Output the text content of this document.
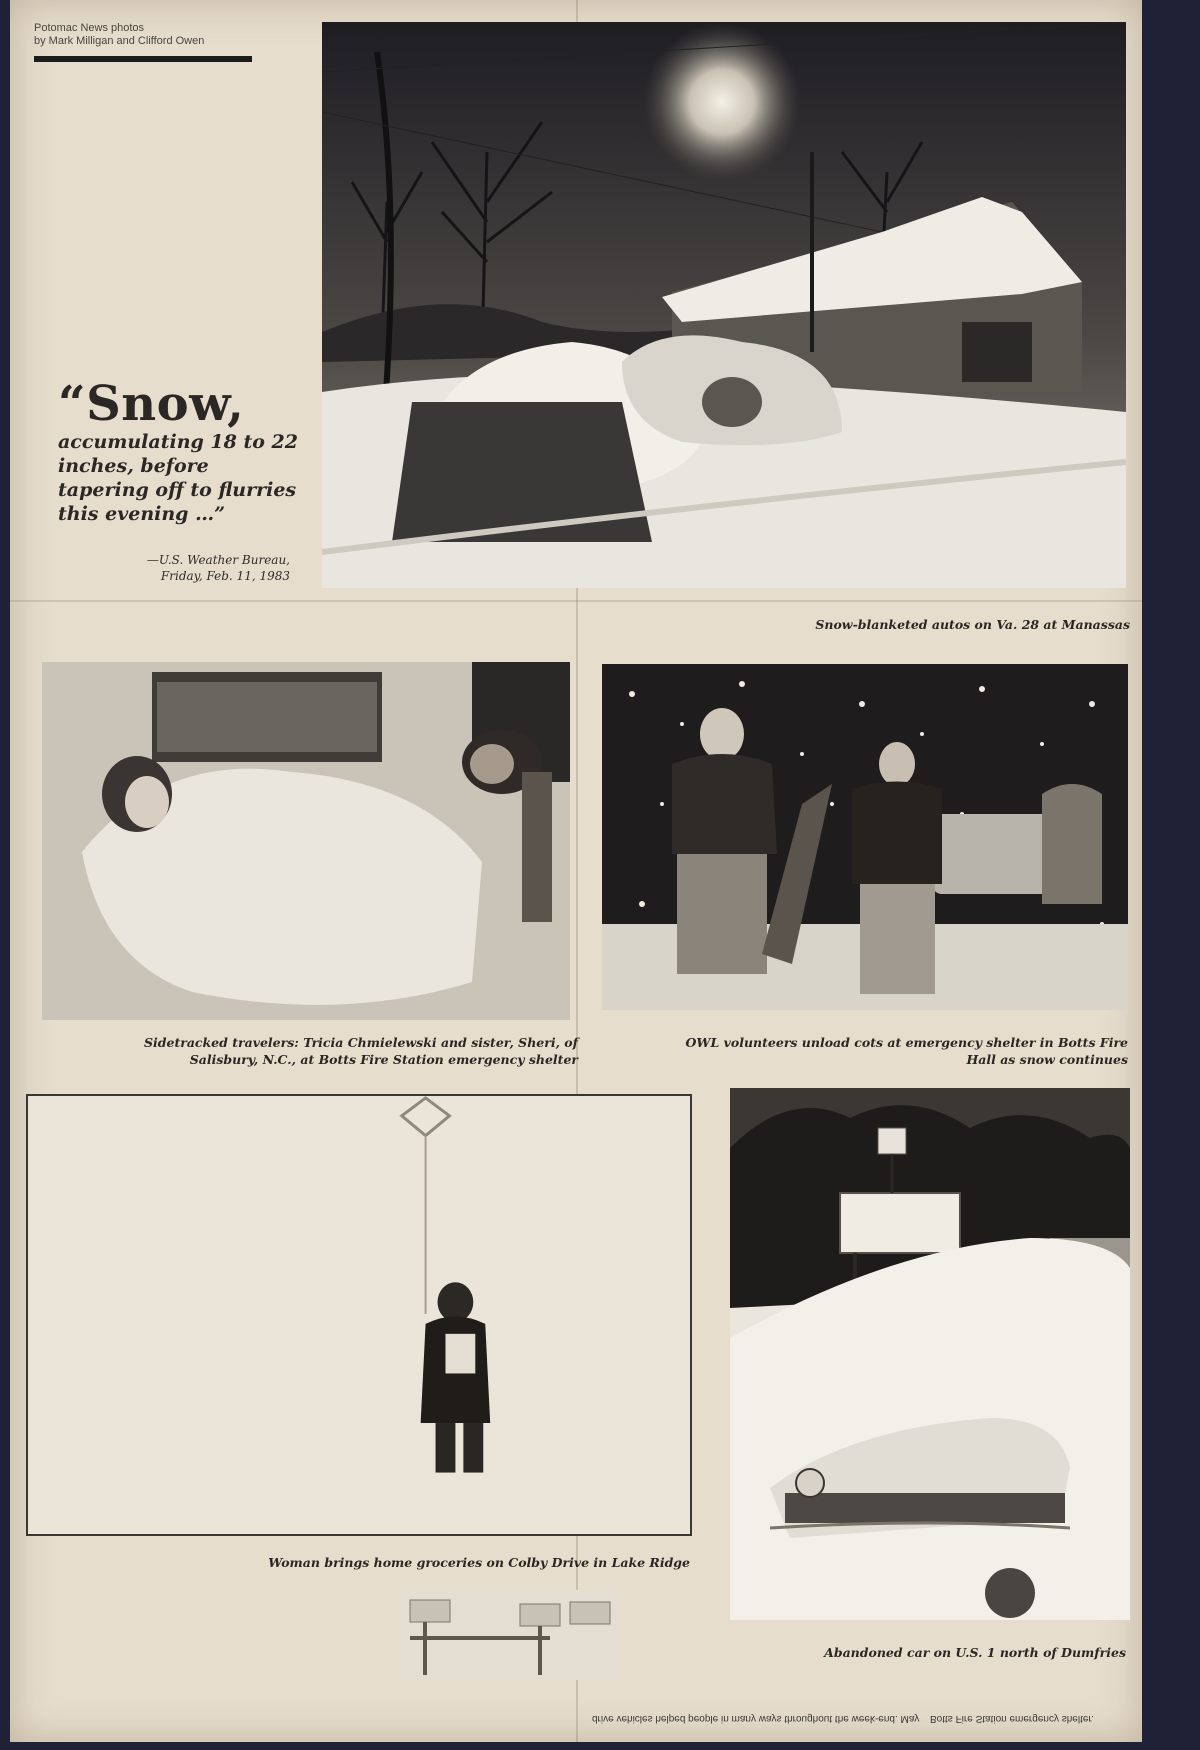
Potomac News photos
by Mark Milligan and Clifford Owen
“Snow,
accumulating 18 to 22 inches, before tapering off to flurries this evening …”
—U.S. Weather Bureau,
Friday, Feb. 11, 1983
Snow-blanketed autos on Va. 28 at Manassas
Sidetracked travelers: Tricia Chmielewski and sister, Sheri, of Salisbury, N.C., at Botts Fire Station emergency shelter
OWL volunteers unload cots at emergency shelter in Botts Fire Hall as snow continues
Woman brings home groceries on Colby Drive in Lake Ridge
Abandoned car on U.S. 1 north of Dumfries
drive vehicles helped people in many ways throughout the week-end. May Botts Fire Station emergency shelter.
